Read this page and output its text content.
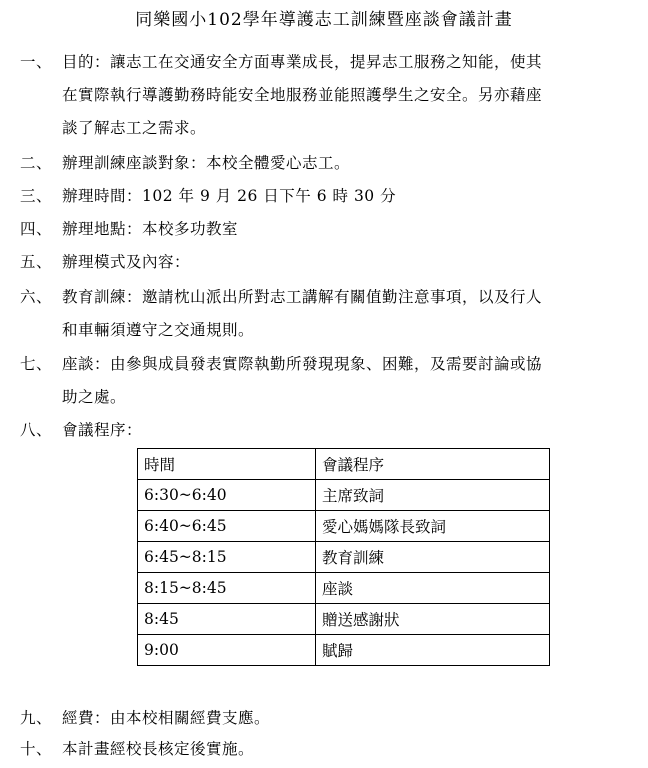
同樂國小102學年導護志工訓練暨座談會議計畫
一、 目的：讓志工在交通安全方面專業成長，提昇志工服務之知能，使其
在實際執行導護勤務時能安全地服務並能照護學生之安全。另亦藉座
談了解志工之需求。
二、 辦理訓練座談對象：本校全體愛心志工。
三、 辦理時間：102 年 9 月 26 日下午 6 時 30 分
四、 辦理地點：本校多功教室
五、 辦理模式及內容：
六、 教育訓練：邀請枕山派出所對志工講解有關值勤注意事項，以及行人
和車輛須遵守之交通規則。
七、 座談：由參與成員發表實際執勤所發現現象、困難，及需要討論或協
助之處。
八、 會議程序：
時間	會議程序
6:30~6:40	主席致詞
6:40~6:45	愛心媽媽隊長致詞
6:45~8:15	教育訓練
8:15~8:45	座談
8:45	贈送感謝狀
9:00	賦歸
九、 經費：由本校相關經費支應。
十、 本計畫經校長核定後實施。
